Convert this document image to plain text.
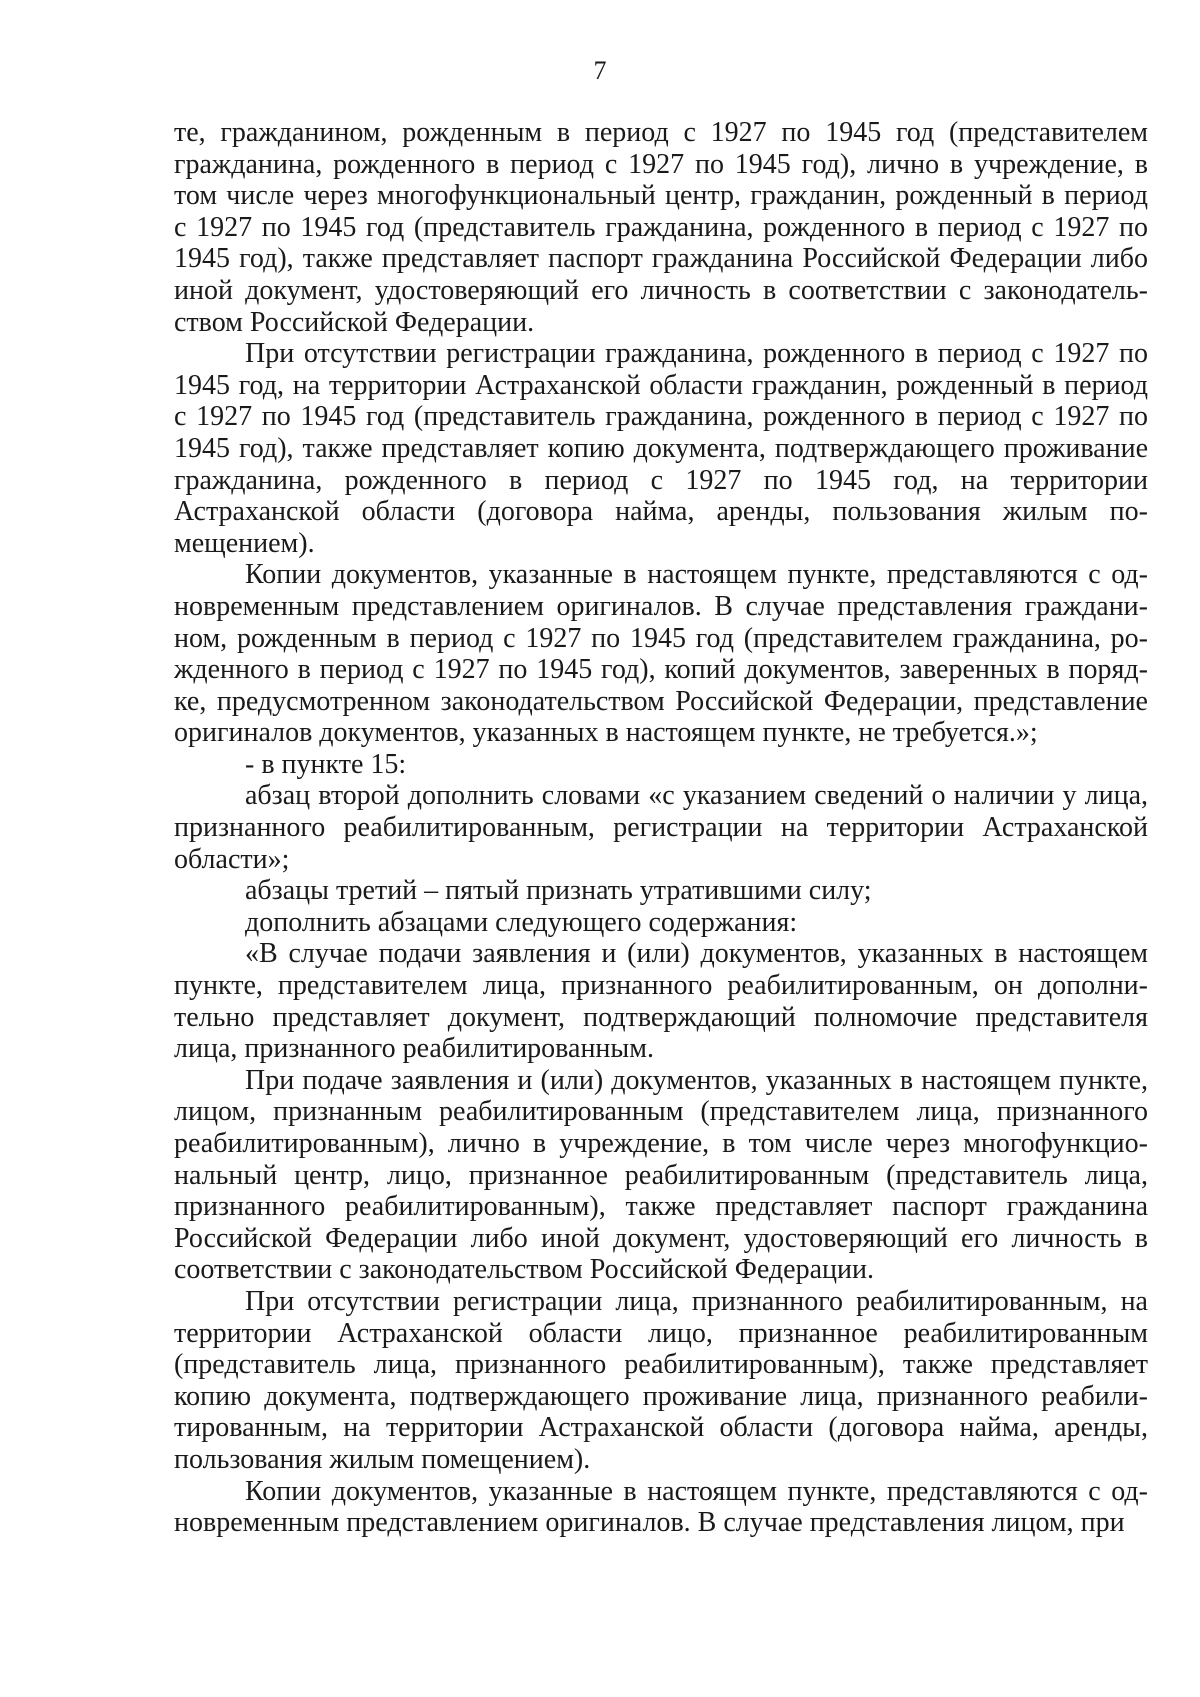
7

те, гражданином, рожденным в период с 1927 по 1945 год (представителем гражданина, рожденного в период с 1927 по 1945 год), лично в учреждение, в том числе через многофункциональный центр, гражданин, рожденный в период с 1927 по 1945 год (представитель гражданина, рожденного в период с 1927 по 1945 год), также представляет паспорт гражданина Российской Федерации либо иной документ, удостоверяющий его личность в соответствии с законодательством Российской Федерации.

При отсутствии регистрации гражданина, рожденного в период с 1927 по 1945 год, на территории Астраханской области гражданин, рожденный в период с 1927 по 1945 год (представитель гражданина, рожденного в период с 1927 по 1945 год), также представляет копию документа, подтверждающего проживание гражданина, рожденного в период с 1927 по 1945 год, на территории Астраханской области (договора найма, аренды, пользования жилым помещением).

Копии документов, указанные в настоящем пункте, представляются с одновременным представлением оригиналов. В случае представления гражданином, рожденным в период с 1927 по 1945 год (представителем гражданина, рожденного в период с 1927 по 1945 год), копий документов, заверенных в порядке, предусмотренном законодательством Российской Федерации, представление оригиналов документов, указанных в настоящем пункте, не требуется.»;

- в пункте 15:

абзац второй дополнить словами «с указанием сведений о наличии у лица, признанного реабилитированным, регистрации на территории Астраханской области»;

абзацы третий – пятый признать утратившими силу;

дополнить абзацами следующего содержания:

«В случае подачи заявления и (или) документов, указанных в настоящем пункте, представителем лица, признанного реабилитированным, он дополнительно представляет документ, подтверждающий полномочие представителя лица, признанного реабилитированным.

При подаче заявления и (или) документов, указанных в настоящем пункте, лицом, признанным реабилитированным (представителем лица, признанного реабилитированным), лично в учреждение, в том числе через многофункциональный центр, лицо, признанное реабилитированным (представитель лица, признанного реабилитированным), также представляет паспорт гражданина Российской Федерации либо иной документ, удостоверяющий его личность в соответствии с законодательством Российской Федерации.

При отсутствии регистрации лица, признанного реабилитированным, на территории Астраханской области лицо, признанное реабилитированным (представитель лица, признанного реабилитированным), также представляет копию документа, подтверждающего проживание лица, признанного реабилитированным, на территории Астраханской области (договора найма, аренды, пользования жилым помещением).

Копии документов, указанные в настоящем пункте, представляются с одновременным представлением оригиналов. В случае представления лицом, при
